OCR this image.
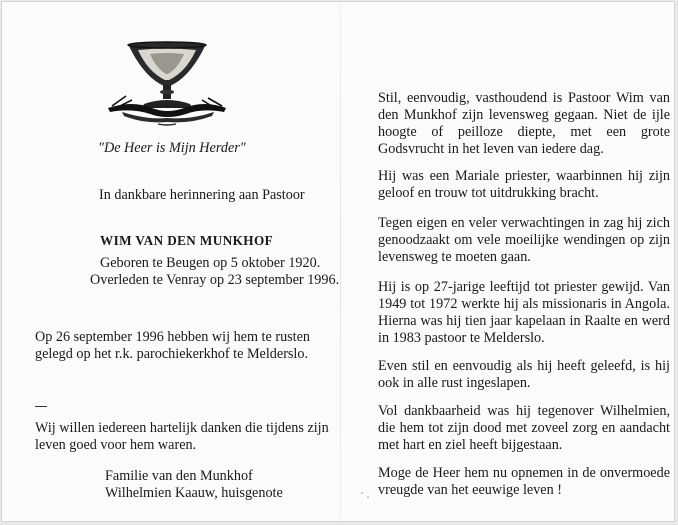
"De Heer is Mijn Herder"
In dankbare herinnering aan Pastoor
WIM VAN DEN MUNKHOF
Geboren te Beugen op 5 oktober 1920.
Overleden te Venray op 23 september 1996.
Op 26 september 1996 hebben wij hem te rusten
gelegd op het r.k. parochiekerkhof te Melderslo.
Wij willen iedereen hartelijk danken die tijdens zijn
leven goed voor hem waren.
Familie van den Munkhof
Wilhelmien Kaauw, huisgenote

Stil, eenvoudig, vasthoudend is Pastoor Wim van den Munkhof zijn levensweg gegaan. Niet de ijle hoogte of peilloze diepte, met een grote Godsvrucht in het leven van iedere dag.

Hij was een Mariale priester, waarbinnen hij zijn geloof en trouw tot uitdrukking bracht.

Tegen eigen en veler verwachtingen in zag hij zich genoodzaakt om vele moeilijke wendingen op zijn levensweg te moeten gaan.

Hij is op 27-jarige leeftijd tot priester gewijd. Van 1949 tot 1972 werkte hij als missionaris in Angola. Hierna was hij tien jaar kapelaan in Raalte en werd in 1983 pastoor te Melderslo.

Even stil en eenvoudig als hij heeft geleefd, is hij ook in alle rust ingeslapen.

Vol dankbaarheid was hij tegenover Wilhelmien, die hem tot zijn dood met zoveel zorg en aandacht met hart en ziel heeft bijgestaan.

Moge de Heer hem nu opnemen in de onvermoede vreugde van het eeuwige leven !
